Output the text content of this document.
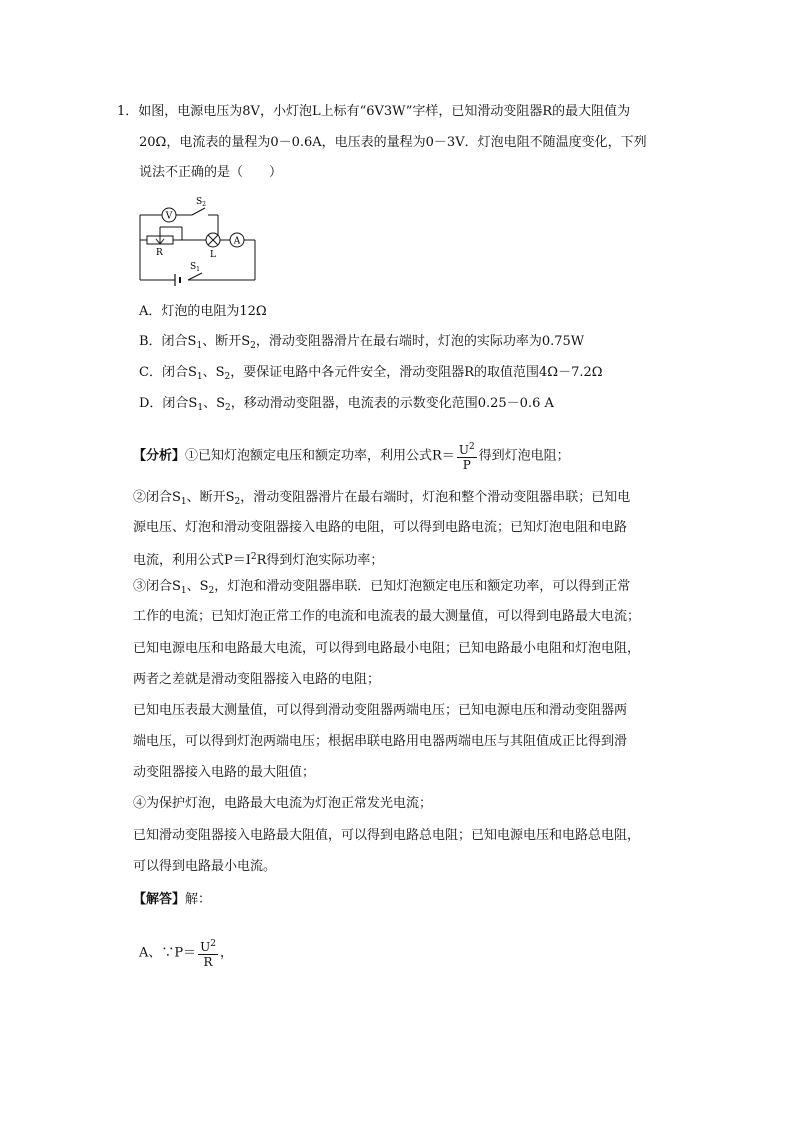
1．如图，电源电压为8V，小灯泡L上标有“6V3W”字样，已知滑动变阻器R的最大阻值为
20Ω，电流表的量程为0－0.6A，电压表的量程为0－3V．灯泡电阻不随温度变化，下列
说法不正确的是（　　）
V
$S_2$
L
A
R
$S_1$
A．灯泡的电阻为12Ω
B．闭合$S_1$、断开$S_2$，滑动变阻器滑片在最右端时，灯泡的实际功率为0.75W
C．闭合$S_1$、$S_2$，要保证电路中各元件安全，滑动变阻器R的取值范围4Ω－7.2Ω
D．闭合$S_1$、$S_2$，移动滑动变阻器，电流表的示数变化范围0.25－0.6 A
【分析】①已知灯泡额定电压和额定功率，利用公式$R= \frac{U^2}{P}$ 得到灯泡电阻；
②闭合$S_1$、断开$S_2$，滑动变阻器滑片在最右端时，灯泡和整个滑动变阻器串联；已知电
源电压、灯泡和滑动变阻器接入电路的电阻，可以得到电路电流；已知灯泡电阻和电路
电流，利用公式$P=I^2R$得到灯泡实际功率；
③闭合$S_1$、$S_2$，灯泡和滑动变阻器串联．已知灯泡额定电压和额定功率，可以得到正常
工作的电流；已知灯泡正常工作的电流和电流表的最大测量值，可以得到电路最大电流；
已知电源电压和电路最大电流，可以得到电路最小电阻；已知电路最小电阻和灯泡电阻，
两者之差就是滑动变阻器接入电路的电阻；
已知电压表最大测量值，可以得到滑动变阻器两端电压；已知电源电压和滑动变阻器两
端电压，可以得到灯泡两端电压；根据串联电路用电器两端电压与其阻值成正比得到滑
动变阻器接入电路的最大阻值；
④为保护灯泡，电路最大电流为灯泡正常发光电流；
已知滑动变阻器接入电路最大阻值，可以得到电路总电阻；已知电源电压和电路总电阻，
可以得到电路最小电流。
【解答】解：
A、∵P＝ $\frac{U^2}{R}$ ，
